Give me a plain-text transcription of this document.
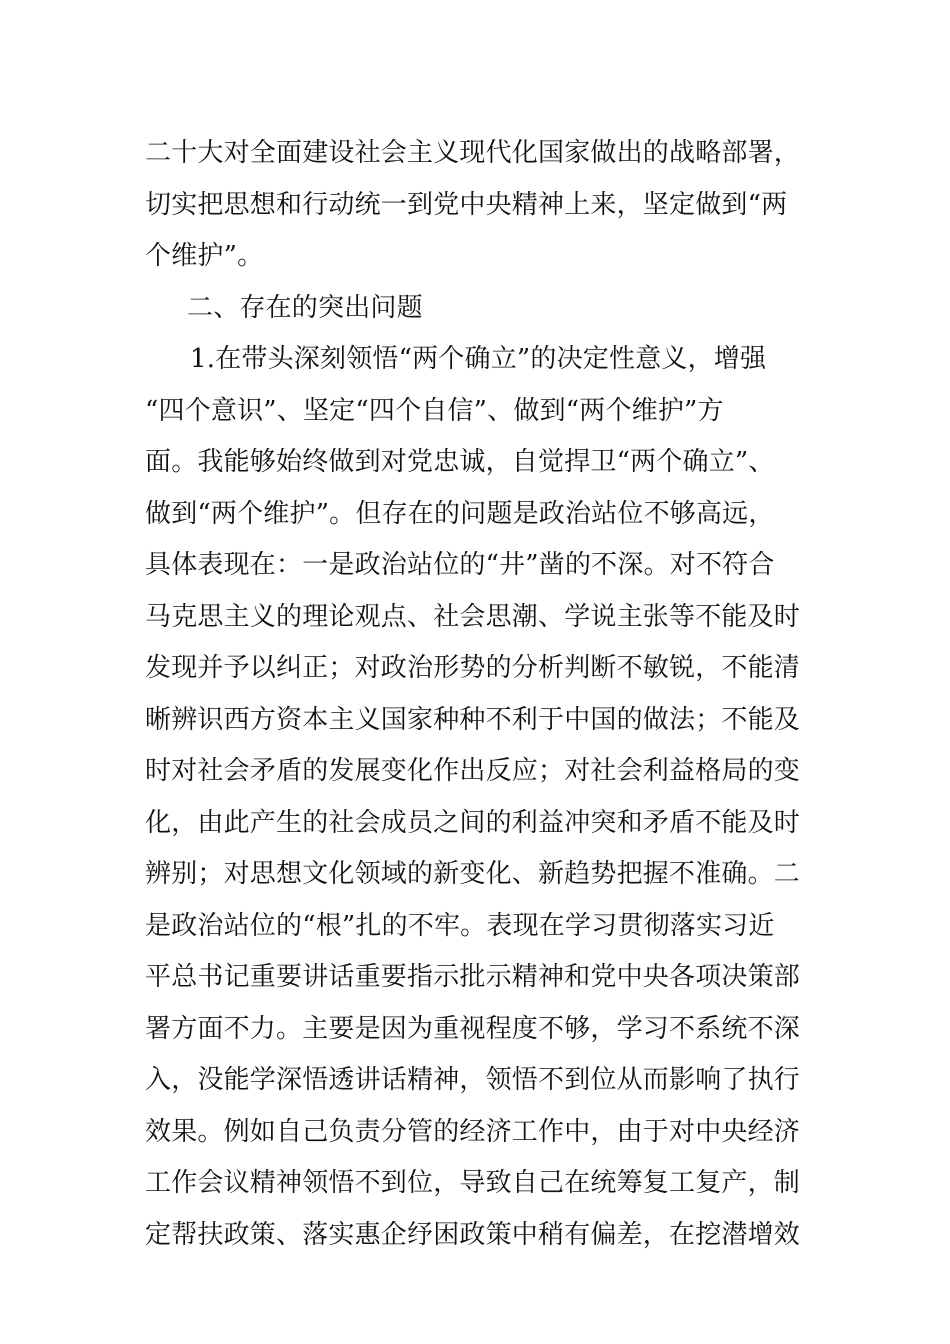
二十大对全面建设社会主义现代化国家做出的战略部署，
切实把思想和行动统一到党中央精神上来，坚定做到“两
个维护”。
二、存在的突出问题
1.在带头深刻领悟“两个确立”的决定性意义，增强
“四个意识”、坚定“四个自信”、做到“两个维护”方
面。我能够始终做到对党忠诚，自觉捍卫“两个确立”、
做到“两个维护”。但存在的问题是政治站位不够高远，
具体表现在：一是政治站位的“井”凿的不深。对不符合
马克思主义的理论观点、社会思潮、学说主张等不能及时
发现并予以纠正；对政治形势的分析判断不敏锐，不能清
晰辨识西方资本主义国家种种不利于中国的做法；不能及
时对社会矛盾的发展变化作出反应；对社会利益格局的变
化，由此产生的社会成员之间的利益冲突和矛盾不能及时
辨别；对思想文化领域的新变化、新趋势把握不准确。二
是政治站位的“根”扎的不牢。表现在学习贯彻落实习近
平总书记重要讲话重要指示批示精神和党中央各项决策部
署方面不力。主要是因为重视程度不够，学习不系统不深
入，没能学深悟透讲话精神，领悟不到位从而影响了执行
效果。例如自己负责分管的经济工作中，由于对中央经济
工作会议精神领悟不到位，导致自己在统筹复工复产，制
定帮扶政策、落实惠企纾困政策中稍有偏差，在挖潜增效
